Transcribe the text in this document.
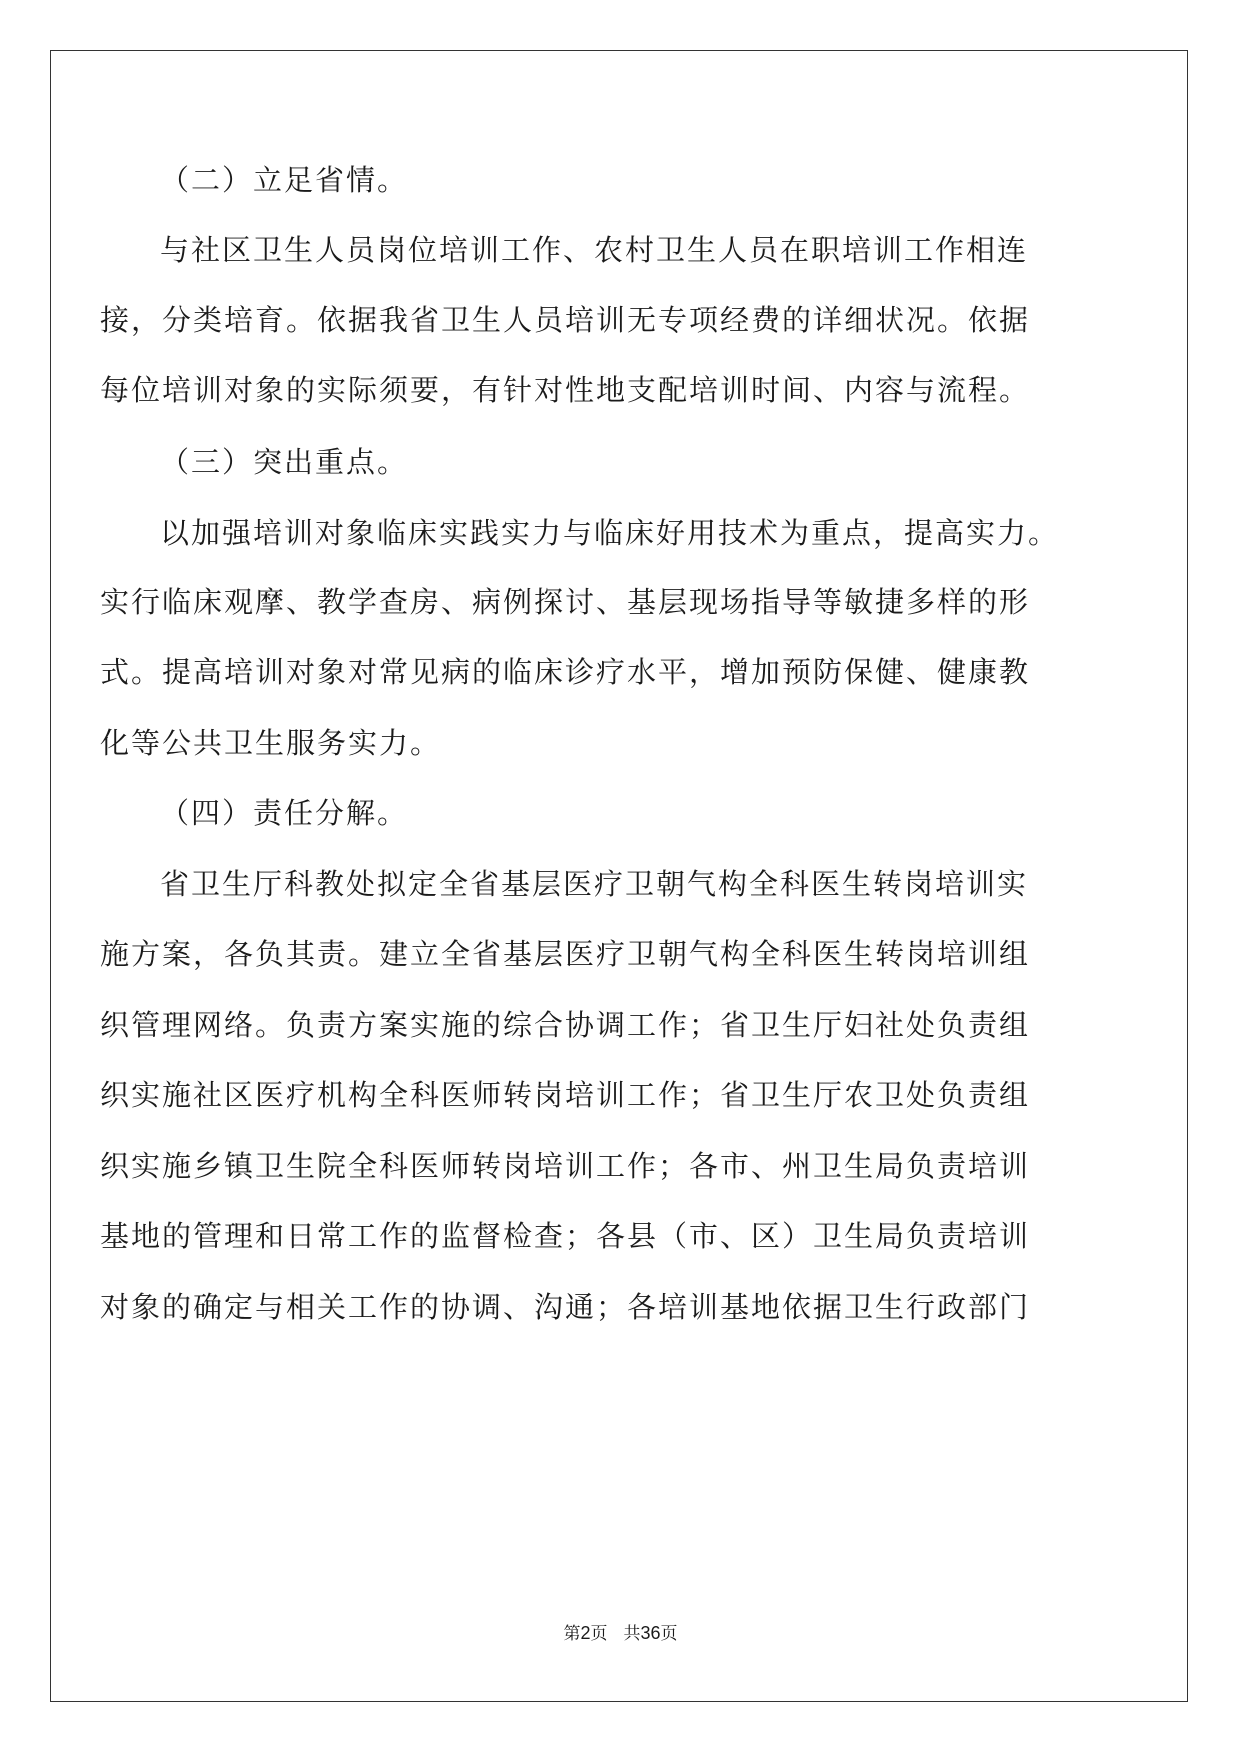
（二）立足省情。
与社区卫生人员岗位培训工作、农村卫生人员在职培训工作相连
接，分类培育。依据我省卫生人员培训无专项经费的详细状况。依据
每位培训对象的实际须要，有针对性地支配培训时间、内容与流程。
（三）突出重点。
以加强培训对象临床实践实力与临床好用技术为重点，提高实力。
实行临床观摩、教学查房、病例探讨、基层现场指导等敏捷多样的形
式。提高培训对象对常见病的临床诊疗水平，增加预防保健、健康教
化等公共卫生服务实力。
（四）责任分解。
省卫生厅科教处拟定全省基层医疗卫朝气构全科医生转岗培训实
施方案，各负其责。建立全省基层医疗卫朝气构全科医生转岗培训组
织管理网络。负责方案实施的综合协调工作；省卫生厅妇社处负责组
织实施社区医疗机构全科医师转岗培训工作；省卫生厅农卫处负责组
织实施乡镇卫生院全科医师转岗培训工作；各市、州卫生局负责培训
基地的管理和日常工作的监督检查；各县（市、区）卫生局负责培训
对象的确定与相关工作的协调、沟通；各培训基地依据卫生行政部门
第2页 共36页
